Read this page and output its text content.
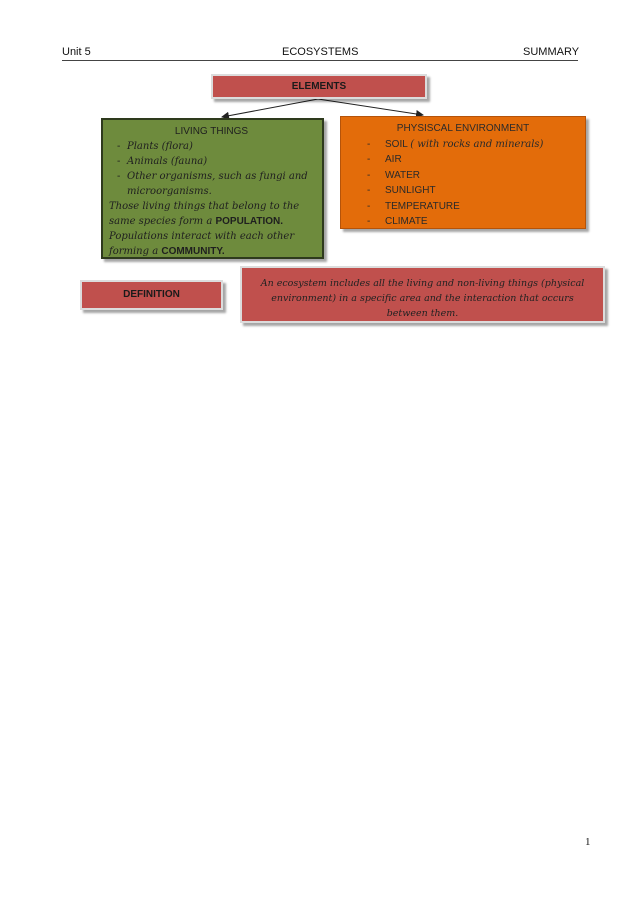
Unit 5	ECOSYSTEMS	SUMMARY
ELEMENTS
LIVING THINGS
- Plants (flora)
- Animals (fauna)
- Other organisms, such as fungi and microorganisms.

Those living things that belong to the same species form a POPULATION.

Populations interact with each other forming a COMMUNITY.

PHYSISCAL ENVIRONMENT
- SOIL ( with rocks and minerals)
- AIR
- WATER
- SUNLIGHT
- TEMPERATURE
- CLIMATE
DEFINITION
An ecosystem includes all the living and non-living things (physical environment) in a specific area and the interaction that occurs between them.
1
